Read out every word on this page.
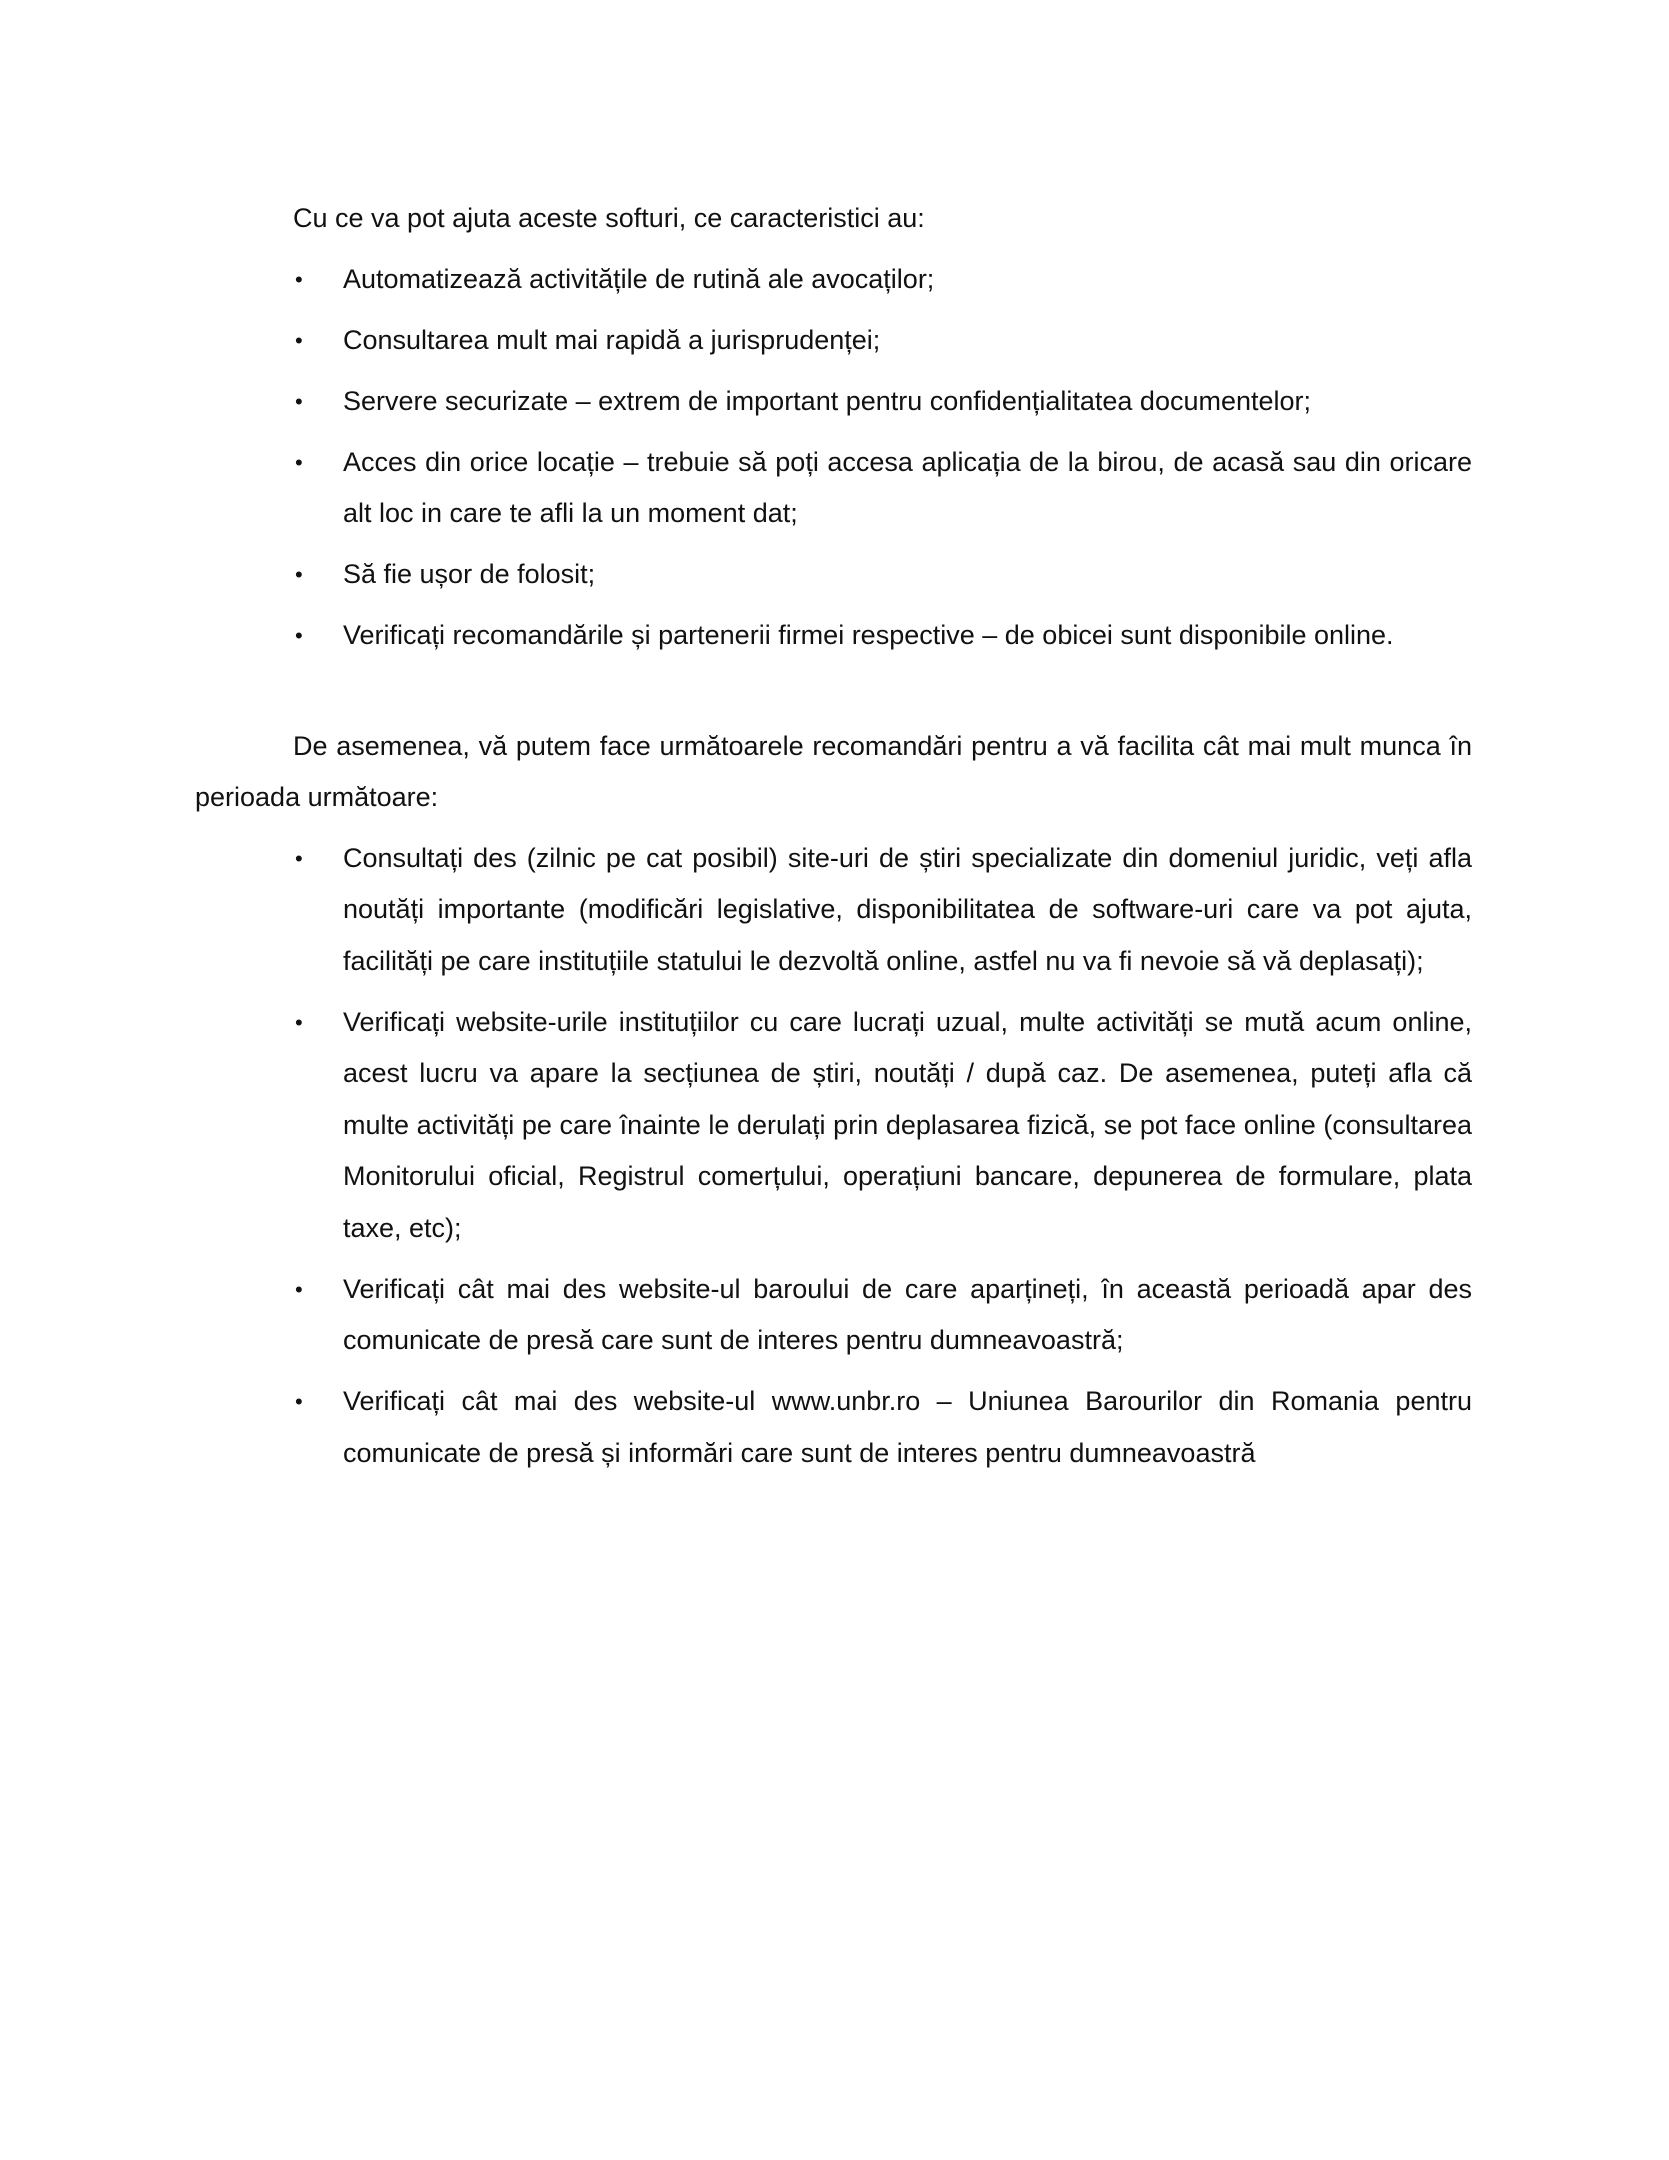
Cu ce va pot ajuta aceste softuri, ce caracteristici au:

•	Automatizează activitățile de rutină ale avocaților;
•	Consultarea mult mai rapidă a jurisprudenței;
•	Servere securizate – extrem de important pentru confidențialitatea documentelor;
•	Acces din orice locație – trebuie să poți accesa aplicația de la birou, de acasă sau din oricare alt loc in care te afli la un moment dat;
•	Să fie ușor de folosit;
•	Verificați recomandările și partenerii firmei respective – de obicei sunt disponibile online.

De asemenea, vă putem face următoarele recomandări pentru a vă facilita cât mai mult munca în perioada următoare:

•	Consultați des (zilnic pe cat posibil) site-uri de știri specializate din domeniul juridic, veți afla noutăți importante (modificări legislative, disponibilitatea de software-uri care va pot ajuta, facilități pe care instituțiile statului le dezvoltă online, astfel nu va fi nevoie să vă deplasați);
•	Verificați website-urile instituțiilor cu care lucrați uzual, multe activități se mută acum online, acest lucru va apare la secțiunea de știri, noutăți / după caz. De asemenea, puteți afla că multe activități pe care înainte le derulați prin deplasarea fizică, se pot face online (consultarea Monitorului oficial, Registrul comerțului, operațiuni bancare, depunerea de formulare, plata taxe, etc);
•	Verificați cât mai des website-ul baroului de care aparțineți, în această perioadă apar des comunicate de presă care sunt de interes pentru dumneavoastră;
•	Verificați cât mai des website-ul www.unbr.ro – Uniunea Barourilor din Romania pentru comunicate de presă și informări care sunt de interes pentru dumneavoastră
